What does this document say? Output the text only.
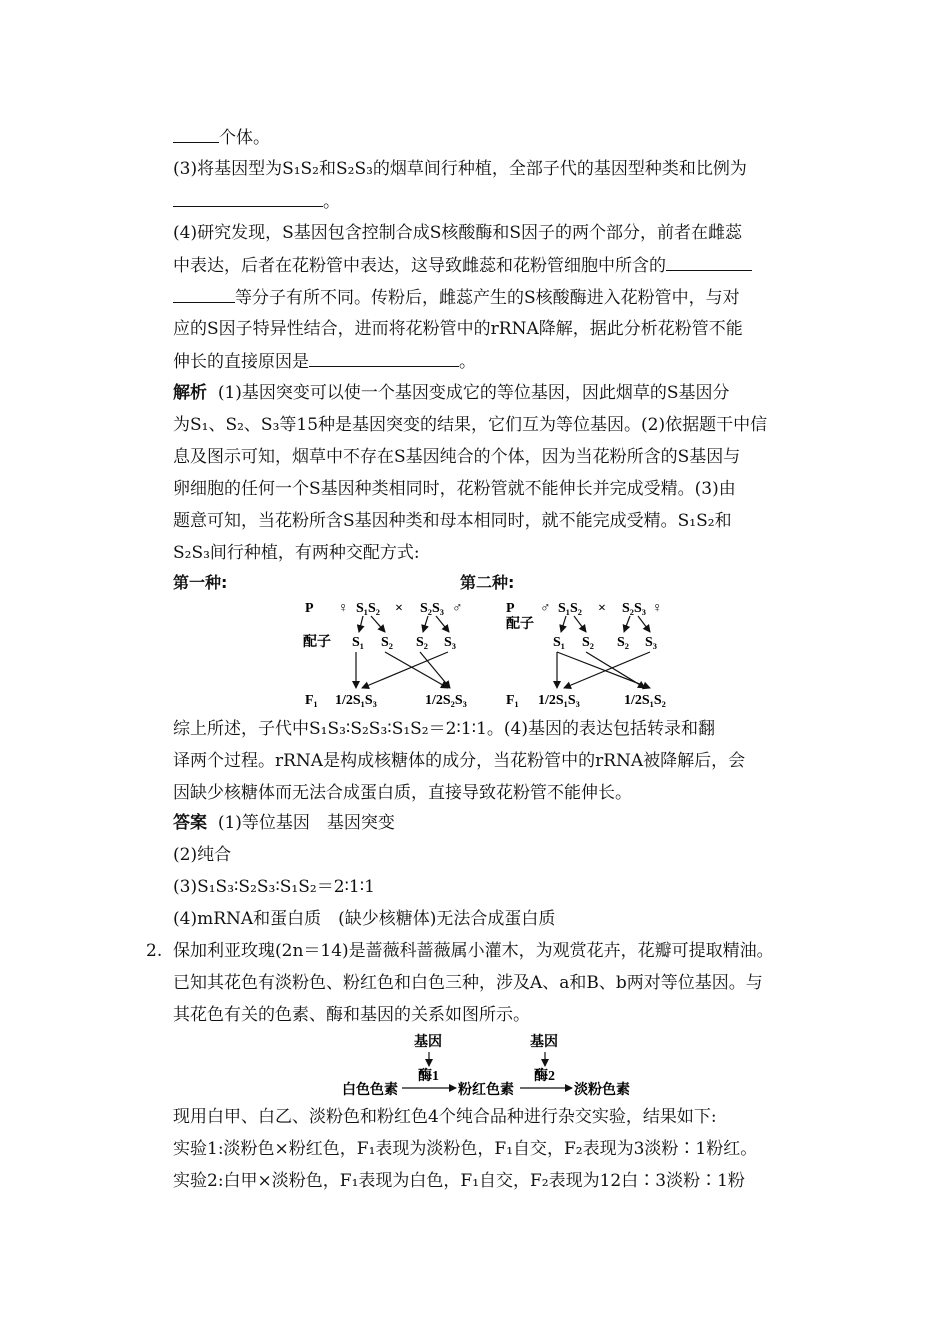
个体。
(3)将基因型为S₁S₂和S₂S₃的烟草间行种植，全部子代的基因型种类和比例为
。
(4)研究发现，S基因包含控制合成S核酸酶和S因子的两个部分，前者在雌蕊
中表达，后者在花粉管中表达，这导致雌蕊和花粉管细胞中所含的
等分子有所不同。传粉后，雌蕊产生的S核酸酶进入花粉管中，与对
应的S因子特异性结合，进而将花粉管中的rRNA降解，据此分析花粉管不能
伸长的直接原因是	。
解析 (1)基因突变可以使一个基因变成它的等位基因，因此烟草的S基因分
为S₁、S₂、S₃等15种是基因突变的结果，它们互为等位基因。(2)依据题干中信
息及图示可知，烟草中不存在S基因纯合的个体，因为当花粉所含的S基因与
卵细胞的任何一个S基因种类相同时，花粉管就不能伸长并完成受精。(3)由
题意可知，当花粉所含S基因种类和母本相同时，就不能完成受精。S₁S₂和
S₂S₃间行种植，有两种交配方式:
第一种:	第二种:
P ♀ S₁S₂ × S₂S₃ ♂
配子 S₁ S₂ S₂ S₃
F₁ 1/2S₁S₃	1/2S₂S₃
P ♂ S₁S₂ × S₂S₃ ♀
配子
S₁ S₂ S₂ S₃
F₁ 1/2S₁S₃	1/2S₁S₂
综上所述，子代中S₁S₃∶S₂S₃∶S₁S₂＝2∶1∶1。(4)基因的表达包括转录和翻
译两个过程。rRNA是构成核糖体的成分，当花粉管中的rRNA被降解后，会
因缺少核糖体而无法合成蛋白质，直接导致花粉管不能伸长。
答案 (1)等位基因　基因突变
(2)纯合
(3)S₁S₃∶S₂S₃∶S₁S₂＝2∶1∶1
(4)mRNA和蛋白质　(缺少核糖体)无法合成蛋白质
2. 保加利亚玫瑰(2n＝14)是蔷薇科蔷薇属小灌木，为观赏花卉，花瓣可提取精油。
已知其花色有淡粉色、粉红色和白色三种，涉及A、a和B、b两对等位基因。与
其花色有关的色素、酶和基因的关系如图所示。
基因	基因
酶1	酶2
白色色素	粉红色素	淡粉色素
现用白甲、白乙、淡粉色和粉红色4个纯合品种进行杂交实验，结果如下:
实验1:淡粉色×粉红色，F₁表现为淡粉色，F₁自交，F₂表现为3淡粉∶1粉红。
实验2:白甲×淡粉色，F₁表现为白色，F₁自交，F₂表现为12白∶3淡粉∶1粉
